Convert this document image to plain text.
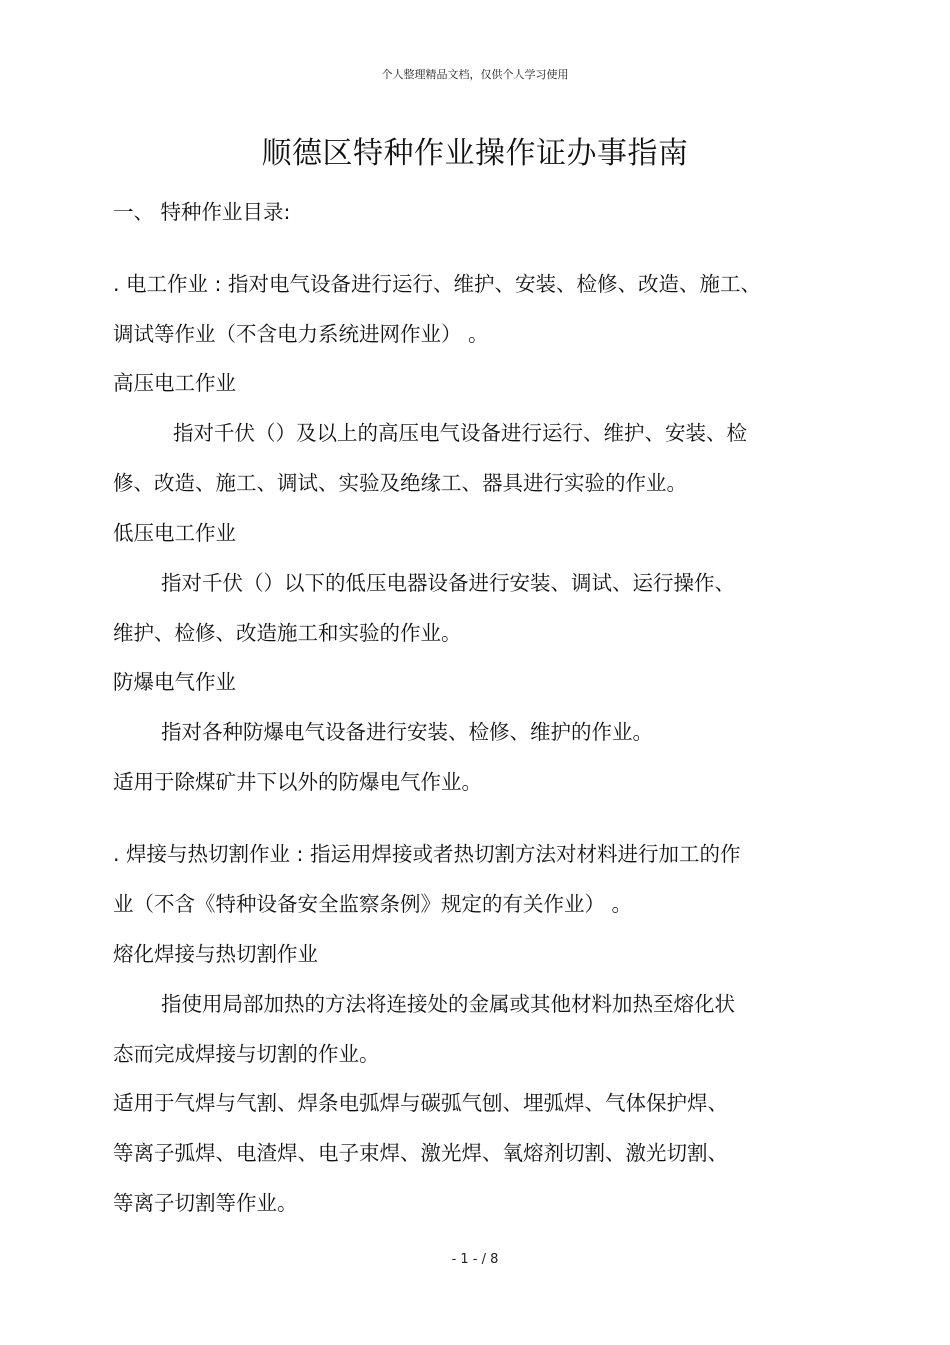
个人整理精品文档，仅供个人学习使用
顺德区特种作业操作证办事指南
一、 特种作业目录:
. 电工作业 : 指对电气设备进行运行、维护、安装、检修、改造、施工、
调试等作业（不含电力系统进网作业） 。
高压电工作业
指对千伏（）及以上的高压电气设备进行运行、维护、安装、检
修、改造、施工、调试、实验及绝缘工、器具进行实验的作业。
低压电工作业
指对千伏（）以下的低压电器设备进行安装、调试、运行操作、
维护、检修、改造施工和实验的作业。
防爆电气作业
指对各种防爆电气设备进行安装、检修、维护的作业。
适用于除煤矿井下以外的防爆电气作业。
. 焊接与热切割作业 : 指运用焊接或者热切割方法对材料进行加工的作
业（不含《特种设备安全监察条例》规定的有关作业） 。
熔化焊接与热切割作业
指使用局部加热的方法将连接处的金属或其他材料加热至熔化状
态而完成焊接与切割的作业。
适用于气焊与气割、焊条电弧焊与碳弧气刨、埋弧焊、气体保护焊、
等离子弧焊、电渣焊、电子束焊、激光焊、氧熔剂切割、激光切割、
等离子切割等作业。
- 1 - / 8
